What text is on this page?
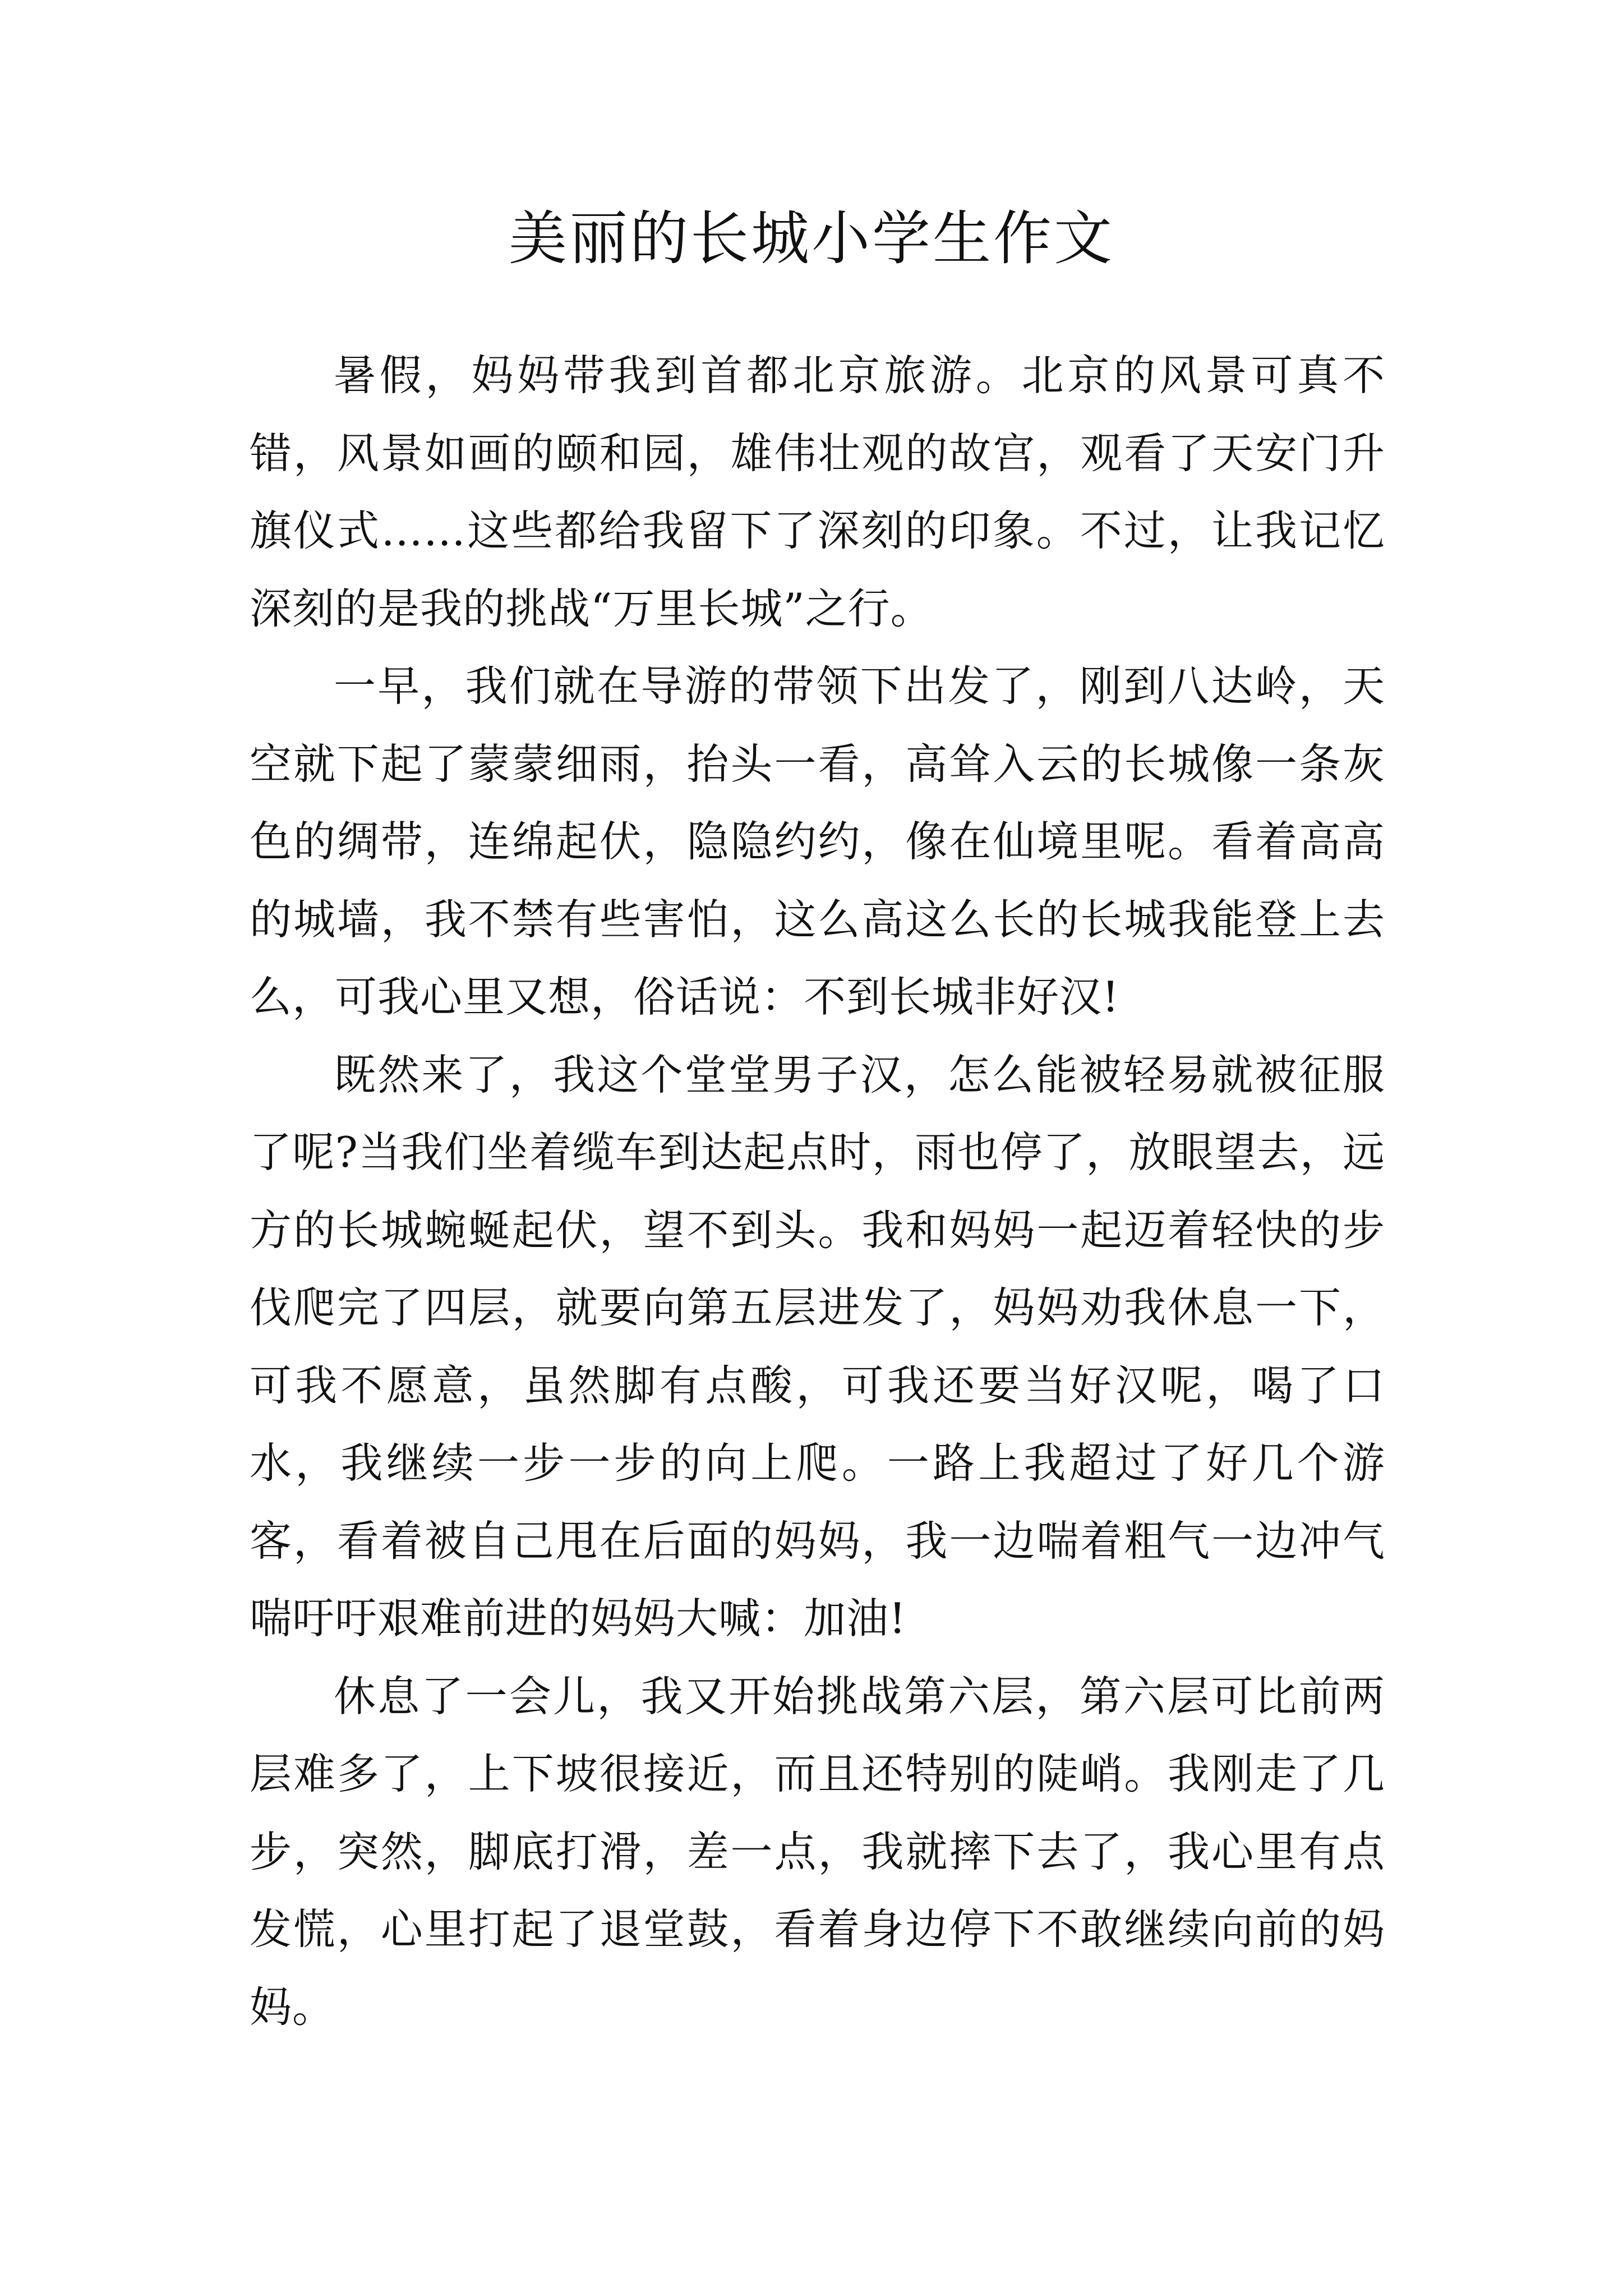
美丽的长城小学生作文

暑假，妈妈带我到首都北京旅游。北京的风景可真不错，风景如画的颐和园，雄伟壮观的故宫，观看了天安门升旗仪式……这些都给我留下了深刻的印象。不过，让我记忆深刻的是我的挑战“万里长城”之行。

一早，我们就在导游的带领下出发了，刚到八达岭，天空就下起了蒙蒙细雨，抬头一看，高耸入云的长城像一条灰色的绸带，连绵起伏，隐隐约约，像在仙境里呢。看着高高的城墙，我不禁有些害怕，这么高这么长的长城我能登上去么，可我心里又想，俗话说：不到长城非好汉!

既然来了，我这个堂堂男子汉，怎么能被轻易就被征服了呢?当我们坐着缆车到达起点时，雨也停了，放眼望去，远方的长城蜿蜒起伏，望不到头。我和妈妈一起迈着轻快的步伐爬完了四层，就要向第五层进发了，妈妈劝我休息一下，可我不愿意，虽然脚有点酸，可我还要当好汉呢，喝了口水，我继续一步一步的向上爬。一路上我超过了好几个游客，看着被自己甩在后面的妈妈，我一边喘着粗气一边冲气喘吁吁艰难前进的妈妈大喊：加油!

休息了一会儿，我又开始挑战第六层，第六层可比前两层难多了，上下坡很接近，而且还特别的陡峭。我刚走了几步，突然，脚底打滑，差一点，我就摔下去了，我心里有点发慌，心里打起了退堂鼓，看着身边停下不敢继续向前的妈妈。
